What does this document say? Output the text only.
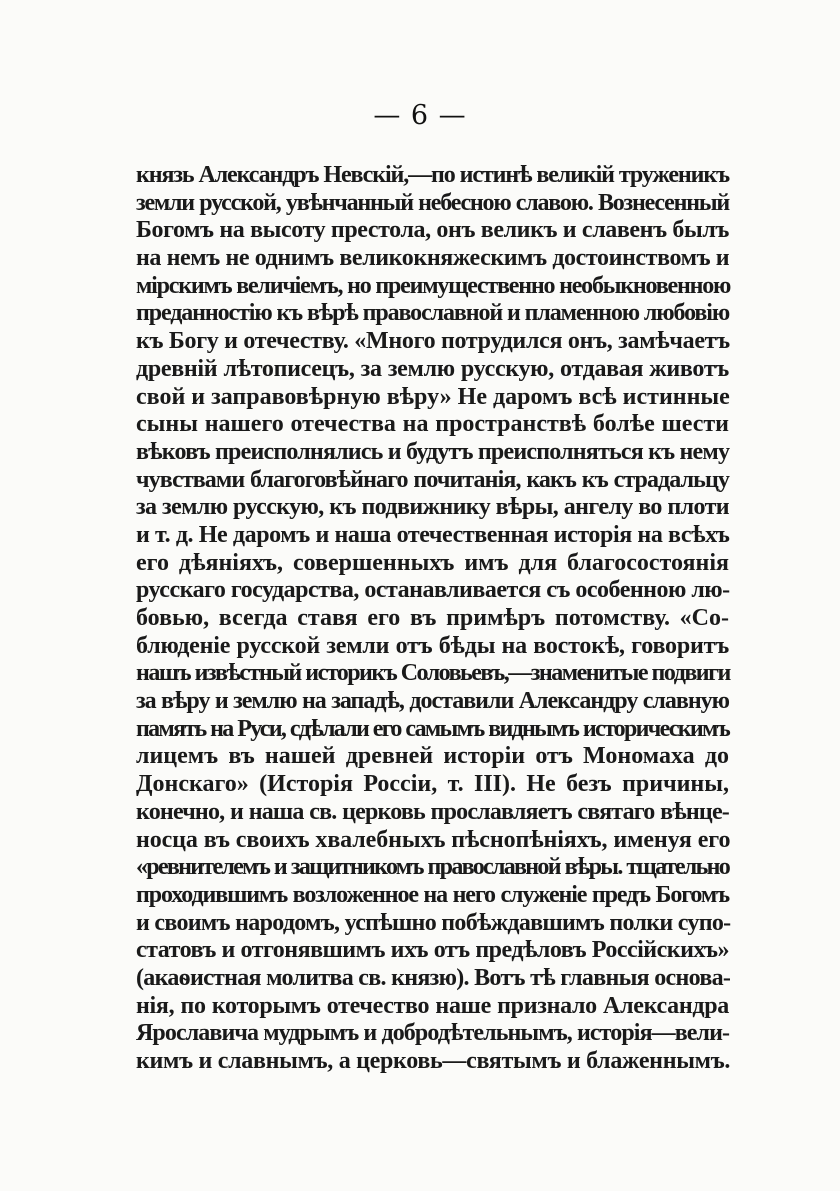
— 6 —
князь Александръ Невскій,—по истинѣ великій труженикъ
земли русской, увѣнчанный небесною славою. Вознесенный
Богомъ на высоту престола, онъ великъ и славенъ былъ
на немъ не однимъ великокняжескимъ достоинствомъ и
мірскимъ величіемъ, но преимущественно необыкновенною
преданностію къ вѣрѣ православной и пламенною любовію
къ Богу и отечеству. «Много потрудился онъ, замѣчаетъ
древній лѣтописецъ, за землю русскую, отдавая животъ
свой и заправовѣрную вѣру» Не даромъ всѣ истинные
сыны нашего отечества на пространствѣ болѣе шести
вѣковъ преисполнялись и будутъ преисполняться къ нему
чувствами благоговѣйнаго почитанія, какъ къ страдальцу
за землю русскую, къ подвижнику вѣры, ангелу во плоти
и т. д. Не даромъ и наша отечественная исторія на всѣхъ
его дѣяніяхъ, совершенныхъ имъ для благосостоянія
русскаго государства, останавливается съ особенною лю-
бовью, всегда ставя его въ примѣръ потомству. «Со-
блюденіе русской земли отъ бѣды на востокѣ, говоритъ
нашъ извѣстный историкъ Соловьевъ,—знаменитые подвиги
за вѣру и землю на западѣ, доставили Александру славную
память на Руси, сдѣлали его самымъ виднымъ историческимъ
лицемъ въ нашей древней исторіи отъ Мономаха до
Донскаго» (Исторія Россіи, т. III). Не безъ причины,
конечно, и наша св. церковь прославляетъ святаго вѣнце-
носца въ своихъ хвалебныхъ пѣснопѣніяхъ, именуя его
«ревнителемъ и защитникомъ православной вѣры. тщательно
проходившимъ возложенное на него служеніе предъ Богомъ
и своимъ народомъ, успѣшно побѣждавшимъ полки супо-
статовъ и отгонявшимъ ихъ отъ предѣловъ Россійскихъ»
(акаѳистная молитва св. князю). Вотъ тѣ главныя основа-
нія, по которымъ отечество наше признало Александра
Ярославича мудрымъ и добродѣтельнымъ, исторія—вели-
кимъ и славнымъ, а церковь—святымъ и блаженнымъ.
